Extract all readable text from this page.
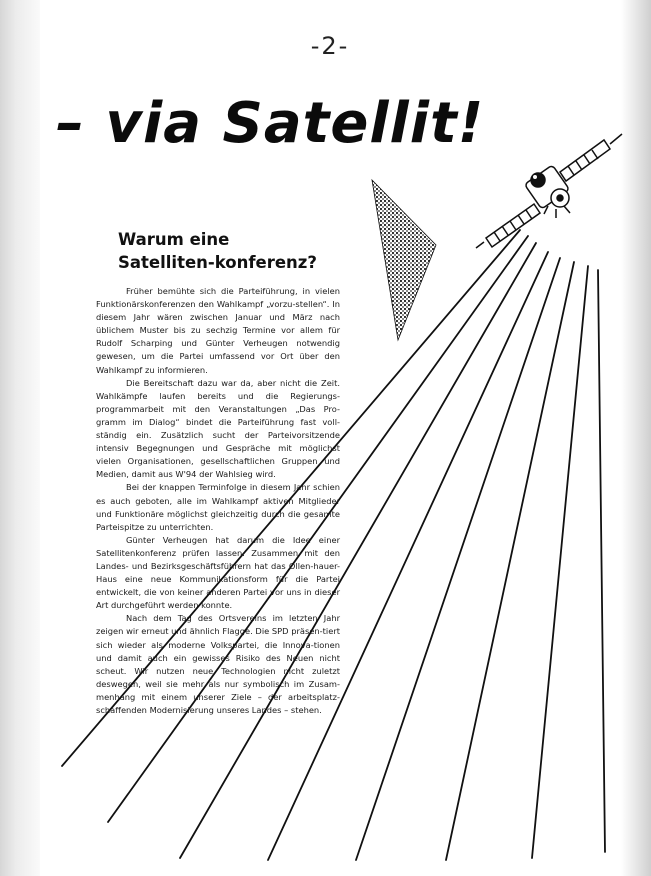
-2-
– via Satellit!
Warum eine Satelliten-konferenz?

Früher bemühte sich die Parteiführung, in vielen Funktionärskonferenzen den Wahlkampf „vorzu-stellen“. In diesem Jahr wären zwischen Januar und März nach üblichem Muster bis zu sechzig Termine vor allem für Rudolf Scharping und Günter Verheugen notwendig gewesen, um die Partei umfassend vor Ort über den Wahlkampf zu informieren.

Die Bereitschaft dazu war da, aber nicht die Zeit. Wahlkämpfe laufen bereits und die Regierungs-programmarbeit mit den Veranstaltungen „Das Pro-gramm im Dialog“ bindet die Parteiführung fast voll-ständig ein. Zusätzlich sucht der Parteivorsitzende intensiv Begegnungen und Gespräche mit möglichst vielen Organisationen, gesellschaftlichen Gruppen und Medien, damit aus W'94 der Wahlsieg wird.

Bei der knappen Terminfolge in diesem Jahr schien es auch geboten, alle im Wahlkampf aktiven Mitglieder und Funktionäre möglichst gleichzeitig durch die gesamte Parteispitze zu unterrichten.

Günter Verheugen hat darum die Idee einer Satellitenkonferenz prüfen lassen. Zusammen mit den Landes- und Bezirksgeschäftsführern hat das Ollen-hauer-Haus eine neue Kommunikationsform für die Partei entwickelt, die von keiner anderen Partei vor uns in dieser Art durchgeführt werden konnte.

Nach dem Tag des Ortsvereins im letzten Jahr zeigen wir erneut und ähnlich Flagge. Die SPD präsen-tiert sich wieder als moderne Volkspartei, die Innova-tionen und damit auch ein gewisses Risiko des Neuen nicht scheut. Wir nutzen neue Technologien nicht zuletzt deswegen, weil sie mehr als nur symbolisch im Zusam-menhang mit einem unserer Ziele – der arbeitsplatz-schaffenden Modernisierung unseres Landes – stehen.
